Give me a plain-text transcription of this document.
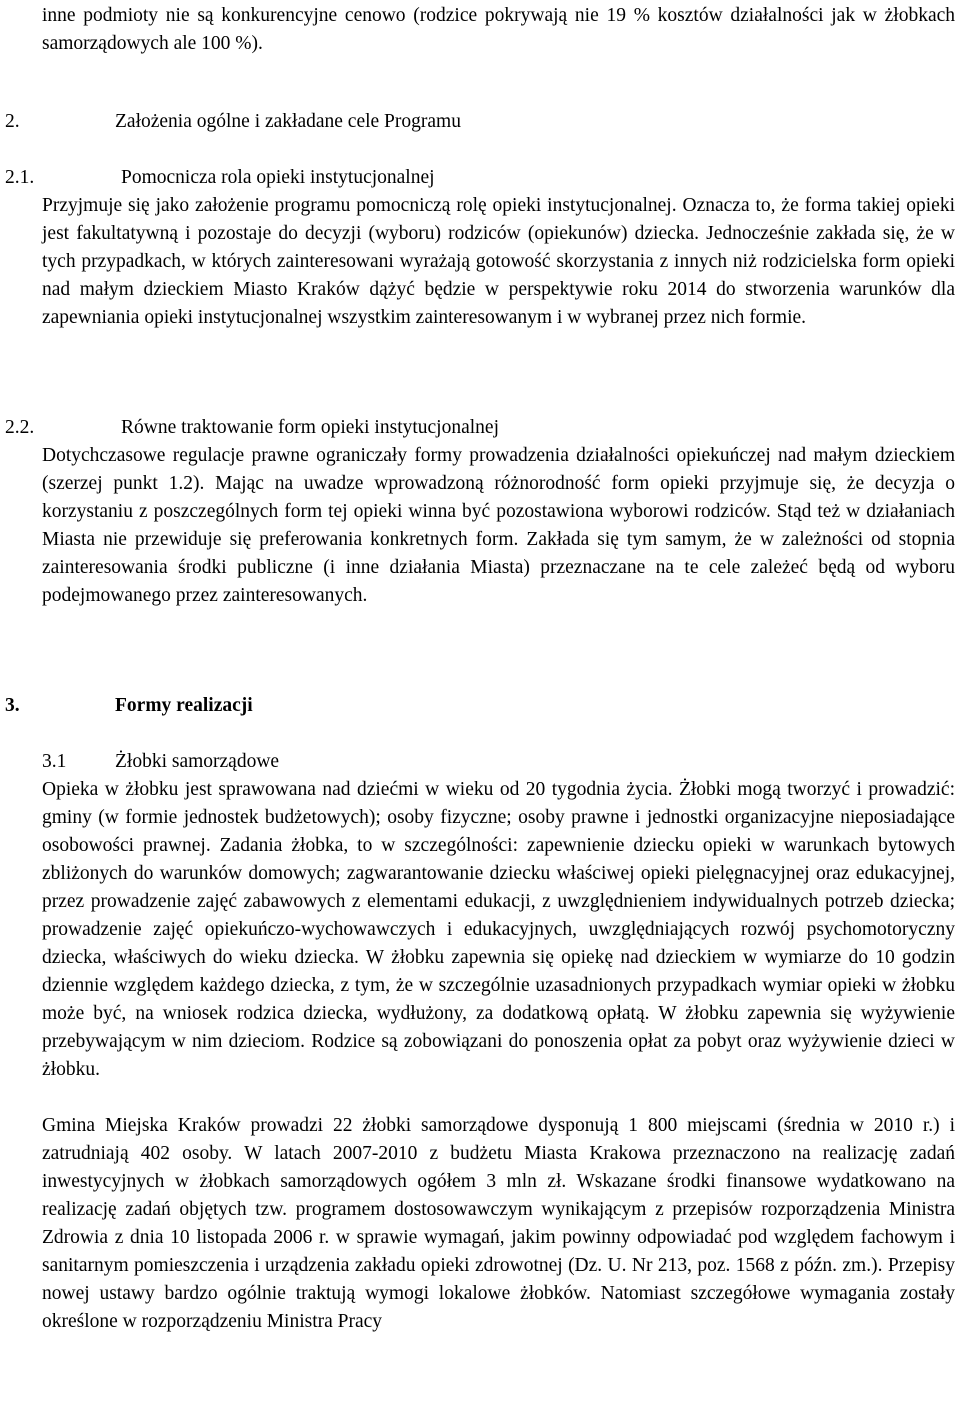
inne podmioty nie są konkurencyjne cenowo (rodzice pokrywają nie 19 % kosztów działalności jak w żłobkach samorządowych ale 100 %).

2.	Założenia ogólne i zakładane cele Programu
2.1.	Pomocnicza rola opieki instytucjonalnej

Przyjmuje się jako założenie programu pomocniczą rolę opieki instytucjonalnej. Oznacza to, że forma takiej opieki jest fakultatywną i pozostaje do decyzji (wyboru) rodziców (opiekunów) dziecka. Jednocześnie zakłada się, że w tych przypadkach, w których zainteresowani wyrażają gotowość skorzystania z innych niż rodzicielska form opieki nad małym dzieckiem Miasto Kraków dążyć będzie w perspektywie roku 2014 do stworzenia warunków dla zapewniania opieki instytucjonalnej wszystkim zainteresowanym i w wybranej przez nich formie.

2.2.	Równe traktowanie form opieki instytucjonalnej

Dotychczasowe regulacje prawne ograniczały formy prowadzenia działalności opiekuńczej nad małym dzieckiem (szerzej punkt 1.2). Mając na uwadze wprowadzoną różnorodność form opieki przyjmuje się, że decyzja o korzystaniu z poszczególnych form tej opieki winna być pozostawiona wyborowi rodziców. Stąd też w działaniach Miasta nie przewiduje się preferowania konkretnych form. Zakłada się tym samym, że w zależności od stopnia zainteresowania środki publiczne (i inne działania Miasta) przeznaczane na te cele zależeć będą od wyboru podejmowanego przez zainteresowanych.

3.	Formy realizacji
3.1 Żłobki samorządowe
Opieka w żłobku jest sprawowana nad dziećmi w wieku od 20 tygodnia życia. Żłobki mogą tworzyć i prowadzić: gminy (w formie jednostek budżetowych); osoby fizyczne; osoby prawne i jednostki organizacyjne nieposiadające osobowości prawnej. Zadania żłobka, to w szczególności: zapewnienie dziecku opieki w warunkach bytowych zbliżonych do warunków domowych; zagwarantowanie dziecku właściwej opieki pielęgnacyjnej oraz edukacyjnej, przez prowadzenie zajęć zabawowych z elementami edukacji, z uwzględnieniem indywidualnych potrzeb dziecka; prowadzenie zajęć opiekuńczo-wychowawczych i edukacyjnych, uwzględniających rozwój psychomotoryczny dziecka, właściwych do wieku dziecka. W żłobku zapewnia się opiekę nad dzieckiem w wymiarze do 10 godzin dziennie względem każdego dziecka, z tym, że w szczególnie uzasadnionych przypadkach wymiar opieki w żłobku może być, na wniosek rodzica dziecka, wydłużony, za dodatkową opłatą. W żłobku zapewnia się wyżywienie przebywającym w nim dzieciom. Rodzice są zobowiązani do ponoszenia opłat za pobyt oraz wyżywienie dzieci w żłobku.
Gmina Miejska Kraków prowadzi 22 żłobki samorządowe dysponują 1 800 miejscami (średnia w 2010 r.) i zatrudniają 402 osoby. W latach 2007-2010 z budżetu Miasta Krakowa przeznaczono na realizację zadań inwestycyjnych w żłobkach samorządowych ogółem 3 mln zł. Wskazane środki finansowe wydatkowano na realizację zadań objętych tzw. programem dostosowawczym wynikającym z przepisów rozporządzenia Ministra Zdrowia z dnia 10 listopada 2006 r. w sprawie wymagań, jakim powinny odpowiadać pod względem fachowym i sanitarnym pomieszczenia i urządzenia zakładu opieki zdrowotnej (Dz. U. Nr 213, poz. 1568 z późn. zm.). Przepisy nowej ustawy bardzo ogólnie traktują wymogi lokalowe żłobków. Natomiast szczegółowe wymagania zostały określone w rozporządzeniu Ministra Pracy
